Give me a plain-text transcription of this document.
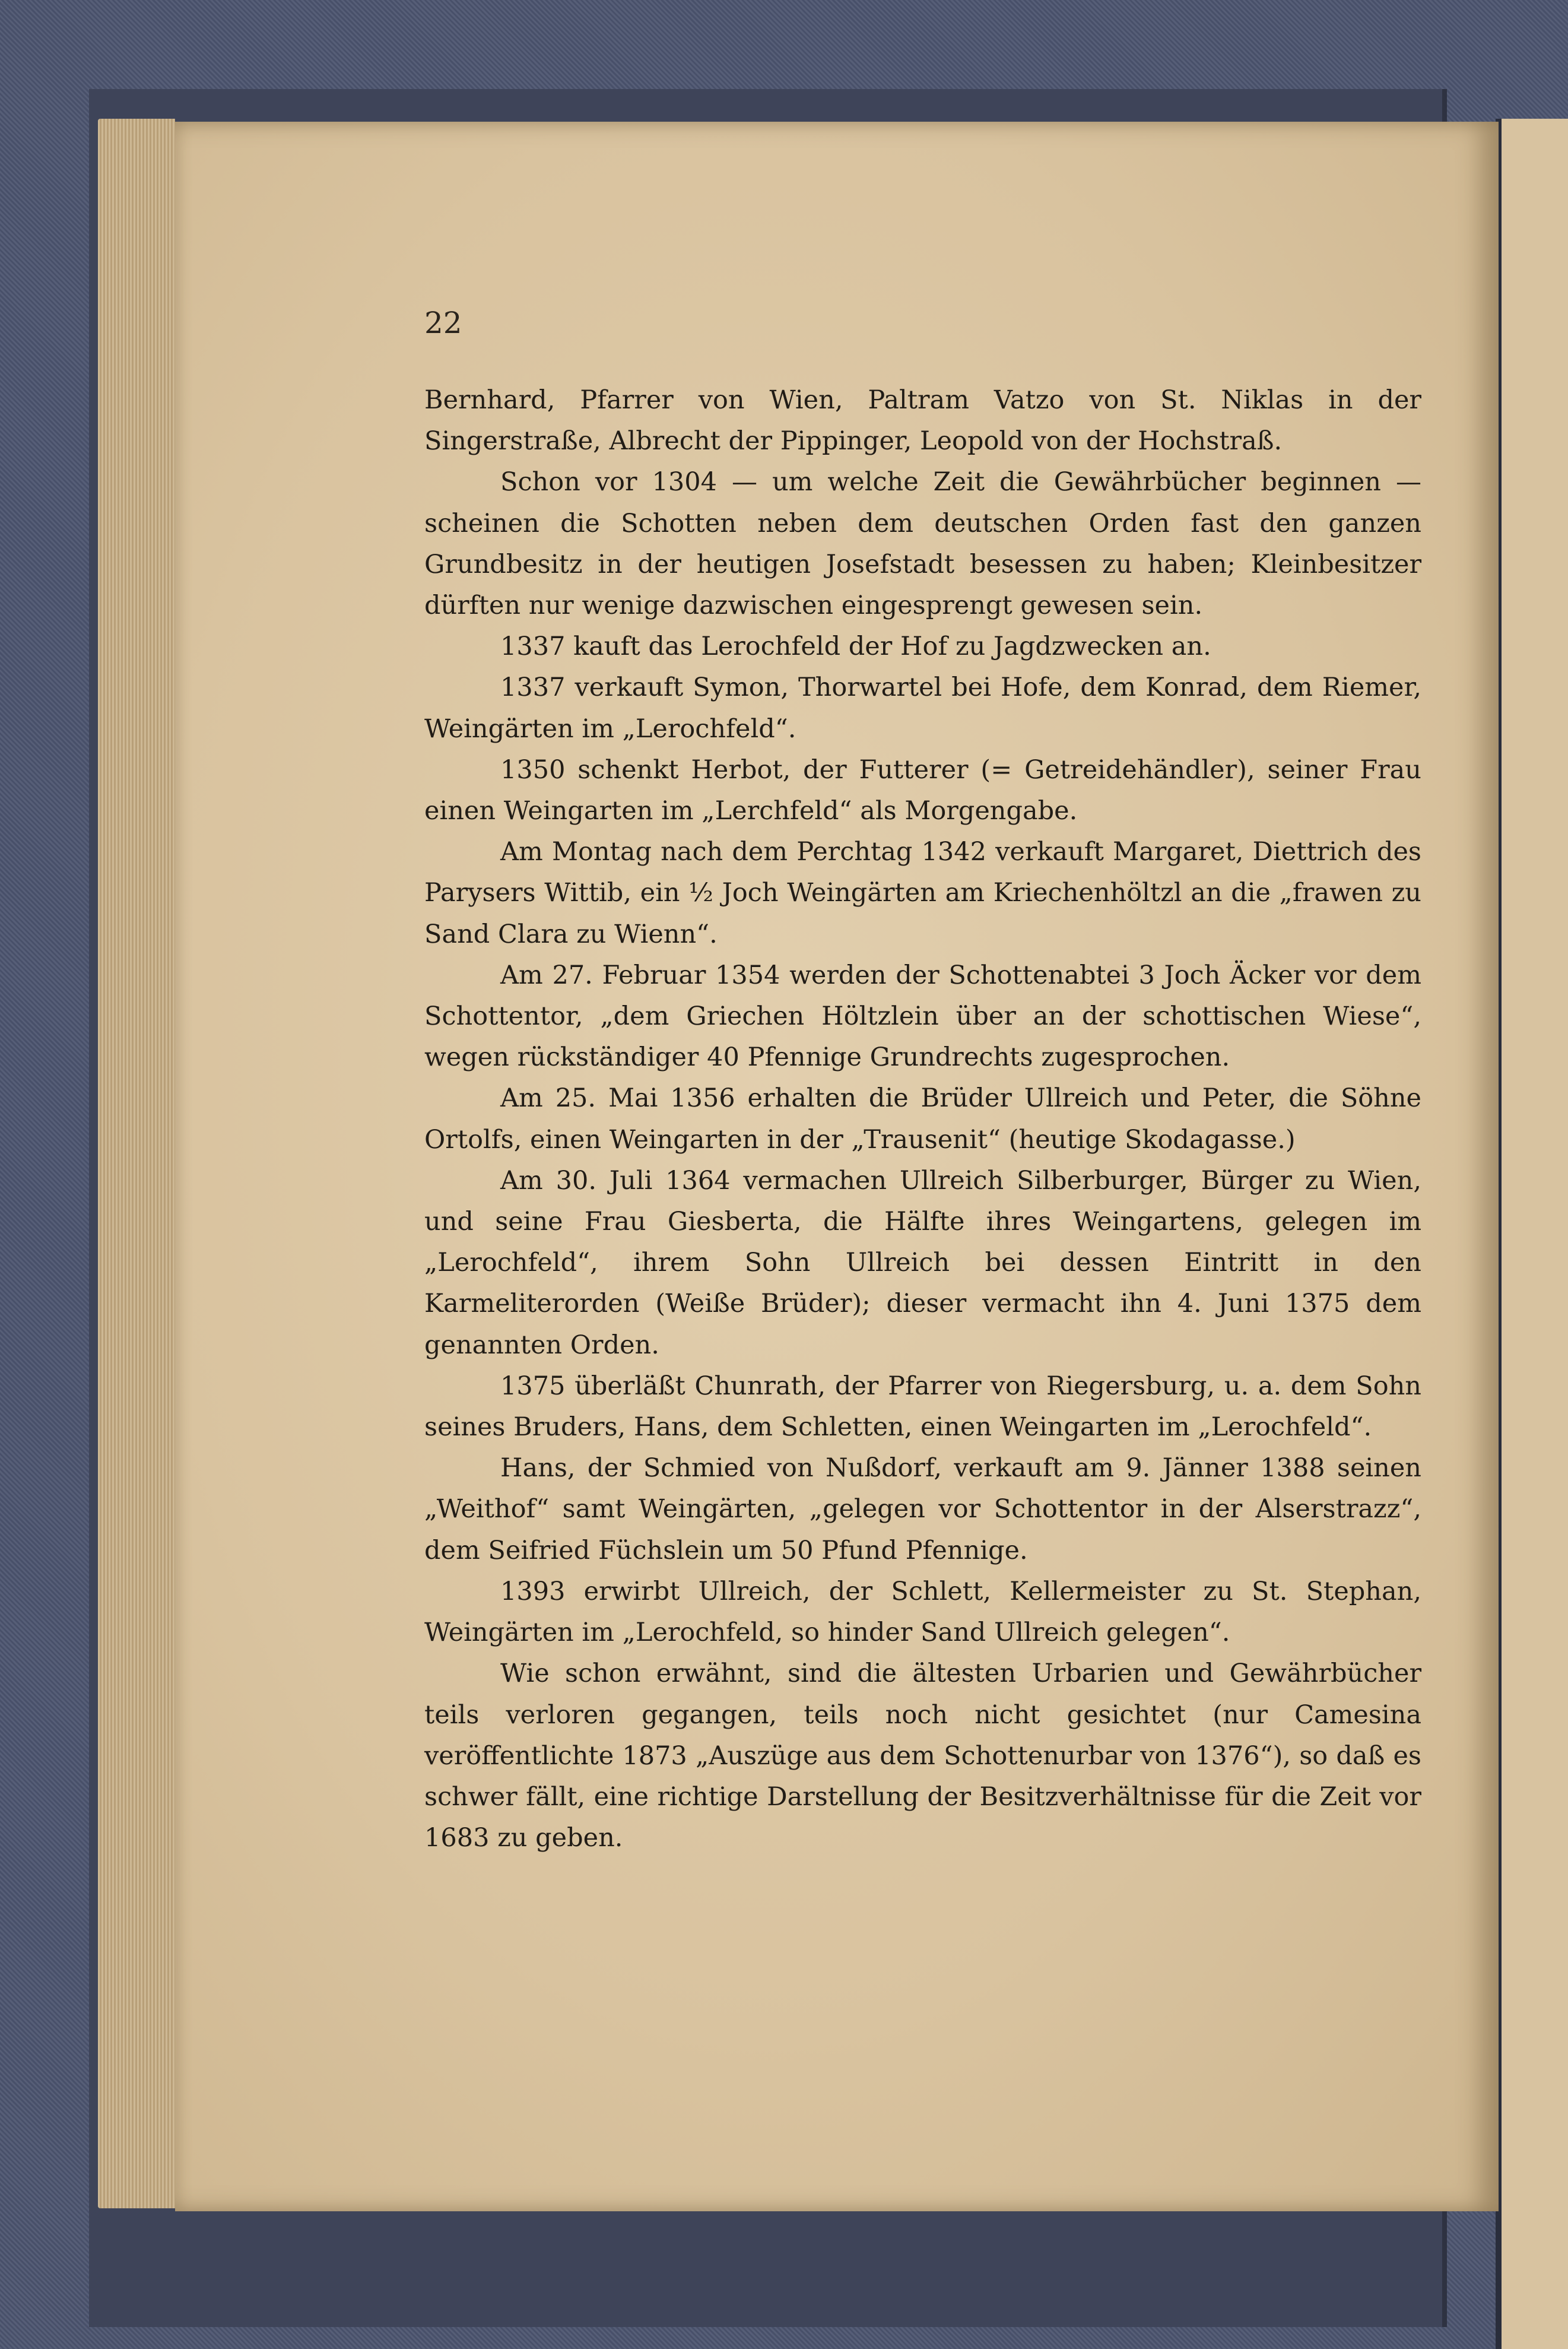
22

Bernhard, Pfarrer von Wien, Paltram Vatzo von St. Niklas in der Singerstraße, Albrecht der Pippinger, Leopold von der Hochstraß.

Schon vor 1304 — um welche Zeit die Gewährbücher beginnen — scheinen die Schotten neben dem deutschen Orden fast den ganzen Grundbesitz in der heutigen Josefstadt besessen zu haben; Kleinbesitzer dürften nur wenige dazwischen eingesprengt gewesen sein.

1337 kauft das Lerochfeld der Hof zu Jagdzwecken an.

1337 verkauft Symon, Thorwartel bei Hofe, dem Konrad, dem Riemer, Weingärten im „Lerochfeld“.

1350 schenkt Herbot, der Futterer (= Getreidehändler), seiner Frau einen Weingarten im „Lerchfeld“ als Morgengabe.

Am Montag nach dem Perchtag 1342 verkauft Margaret, Diettrich des Parysers Wittib, ein ½ Joch Weingärten am Kriechenhöltzl an die „frawen zu Sand Clara zu Wienn“.

Am 27. Februar 1354 werden der Schottenabtei 3 Joch Äcker vor dem Schottentor, „dem Griechen Höltzlein über an der schottischen Wiese“, wegen rückständiger 40 Pfennige Grundrechts zugesprochen.

Am 25. Mai 1356 erhalten die Brüder Ullreich und Peter, die Söhne Ortolfs, einen Weingarten in der „Trausenit“ (heutige Skodagasse.)

Am 30. Juli 1364 vermachen Ullreich Silberburger, Bürger zu Wien, und seine Frau Giesberta, die Hälfte ihres Weingartens, gelegen im „Lerochfeld“, ihrem Sohn Ullreich bei dessen Eintritt in den Karmeliterorden (Weiße Brüder); dieser vermacht ihn 4. Juni 1375 dem genannten Orden.

1375 überläßt Chunrath, der Pfarrer von Riegersburg, u. a. dem Sohn seines Bruders, Hans, dem Schletten, einen Weingarten im „Lerochfeld“.

Hans, der Schmied von Nußdorf, verkauft am 9. Jänner 1388 seinen „Weithof“ samt Weingärten, „gelegen vor Schottentor in der Alserstrazz“, dem Seifried Füchslein um 50 Pfund Pfennige.

1393 erwirbt Ullreich, der Schlett, Kellermeister zu St. Stephan, Weingärten im „Lerochfeld, so hinder Sand Ullreich gelegen“.

Wie schon erwähnt, sind die ältesten Urbarien und Gewährbücher teils verloren gegangen, teils noch nicht gesichtet (nur Camesina veröffentlichte 1873 „Auszüge aus dem Schottenurbar von 1376“), so daß es schwer fällt, eine richtige Darstellung der Besitzverhältnisse für die Zeit vor 1683 zu geben.
